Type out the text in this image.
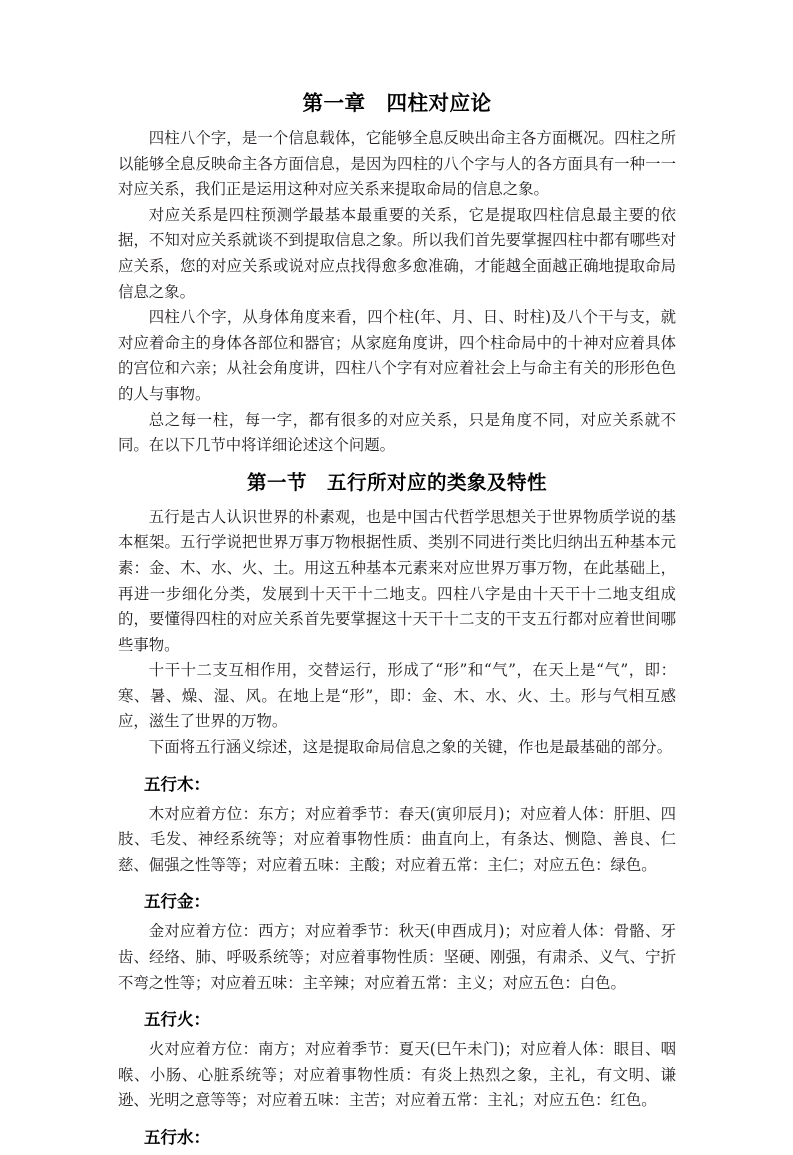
第一章　四柱对应论

四柱八个字，是一个信息载体，它能够全息反映出命主各方面概况。四柱之所以能够全息反映命主各方面信息，是因为四柱的八个字与人的各方面具有一种一一对应关系，我们正是运用这种对应关系来提取命局的信息之象。

对应关系是四柱预测学最基本最重要的关系，它是提取四柱信息最主要的依据，不知对应关系就谈不到提取信息之象。所以我们首先要掌握四柱中都有哪些对应关系，您的对应关系或说对应点找得愈多愈准确，才能越全面越正确地提取命局信息之象。

四柱八个字，从身体角度来看，四个柱(年、月、日、时柱)及八个干与支，就对应着命主的身体各部位和器官；从家庭角度讲，四个柱命局中的十神对应着具体的宫位和六亲；从社会角度讲，四柱八个字有对应着社会上与命主有关的形形色色的人与事物。

总之每一柱，每一字，都有很多的对应关系，只是角度不同，对应关系就不同。在以下几节中将详细论述这个问题。

第一节　五行所对应的类象及特性

五行是古人认识世界的朴素观，也是中国古代哲学思想关于世界物质学说的基本框架。五行学说把世界万事万物根据性质、类别不同进行类比归纳出五种基本元素：金、木、水、火、土。用这五种基本元素来对应世界万事万物，在此基础上，再进一步细化分类，发展到十天干十二地支。四柱八字是由十天干十二地支组成的，要懂得四柱的对应关系首先要掌握这十天干十二支的干支五行都对应着世间哪些事物。

十干十二支互相作用，交替运行，形成了“形”和“气”，在天上是“气”，即：寒、暑、燥、湿、风。在地上是“形”，即：金、木、水、火、土。形与气相互感应，滋生了世界的万物。

下面将五行涵义综述，这是提取命局信息之象的关键，作也是最基础的部分。

五行木：

木对应着方位：东方；对应着季节：春天(寅卯辰月)；对应着人体：肝胆、四肢、毛发、神经系统等；对应着事物性质：曲直向上，有条达、恻隐、善良、仁慈、倔强之性等等；对应着五味：主酸；对应着五常：主仁；对应五色：绿色。

五行金：

金对应着方位：西方；对应着季节：秋天(申酉成月)；对应着人体：骨骼、牙齿、经络、肺、呼吸系统等；对应着事物性质：坚硬、刚强，有肃杀、义气、宁折不弯之性等；对应着五味：主辛辣；对应着五常：主义；对应五色：白色。

五行火：

火对应着方位：南方；对应着季节：夏天(巳午未门)；对应着人体：眼目、咽喉、小肠、心脏系统等；对应着事物性质：有炎上热烈之象，主礼，有文明、谦逊、光明之意等等；对应着五味：主苦；对应着五常：主礼；对应五色：红色。

五行水：
